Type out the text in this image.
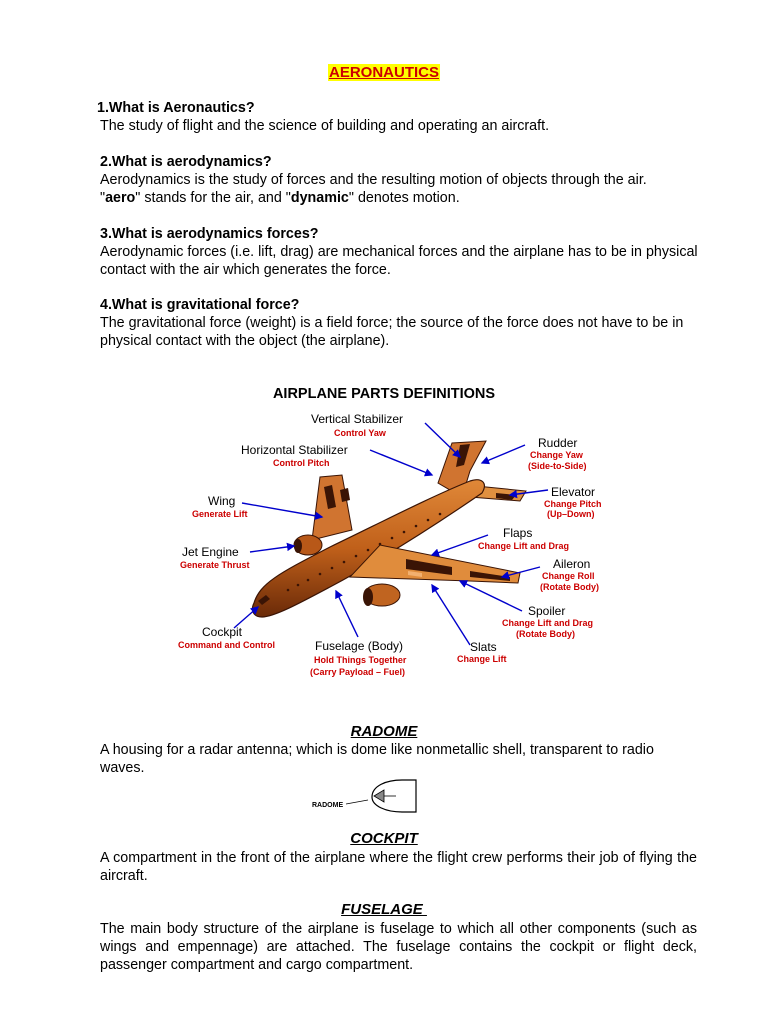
AERONAUTICS
1.What is Aeronautics?
The study of flight and the science of building and operating an aircraft.
2.What is aerodynamics?
Aerodynamics is the study of forces and the resulting motion of objects through the air.
"aero" stands for the air, and "dynamic" denotes motion.
3.What is aerodynamics forces?
Aerodynamic forces (i.e. lift, drag) are mechanical forces and the airplane has to be in physical contact with the air which generates the force.
4.What is gravitational force?
The gravitational force (weight) is a field force; the source of the force does not have to be in physical contact with the object (the airplane).
AIRPLANE PARTS DEFINITIONS
Vertical Stabilizer
Control Yaw
Horizontal Stabilizer
Control Pitch
Rudder
Change Yaw
(Side-to-Side)
Elevator
Change Pitch
(Up–Down)
Wing
Generate Lift
Flaps
Change Lift and Drag
Jet Engine
Generate Thrust	Aileron
Change Roll
(Rotate Body)
Spoiler
Change Lift and Drag
(Rotate Body)
Cockpit
Command and Control	Fuselage (Body)
Hold Things Together
(Carry Payload – Fuel)
Slats
Change Lift
RADOME
A housing for a radar antenna; which is dome like nonmetallic shell, transparent to radio waves.
RADOME
COCKPIT
A compartment in the front of the airplane where the flight crew performs their job of flying the aircraft.
FUSELAGE
The main body structure of the airplane is fuselage to which all other components (such as wings and empennage) are attached. The fuselage contains the cockpit or flight deck, passenger compartment and cargo compartment.
